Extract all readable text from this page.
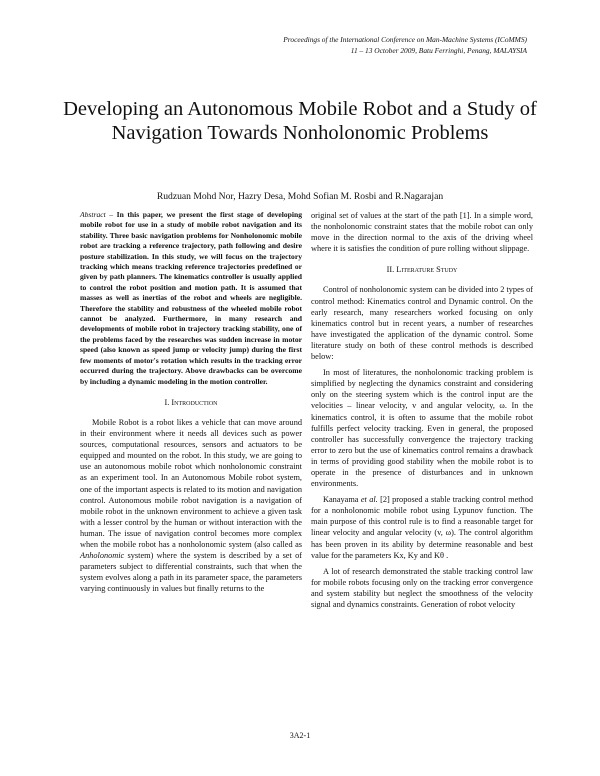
Proceedings of the International Conference on Man-Machine Systems (ICoMMS)
11 – 13 October 2009, Batu Ferringhi, Penang, MALAYSIA
Developing an Autonomous Mobile Robot and a Study of Navigation Towards Nonholonomic Problems
Rudzuan Mohd Nor, Hazry Desa, Mohd Sofian M. Rosbi and R.Nagarajan

Abstract – In this paper, we present the first stage of developing mobile robot for use in a study of mobile robot navigation and its stability. Three basic navigation problems for Nonholonomic mobile robot are tracking a reference trajectory, path following and desire posture stabilization. In this study, we will focus on the trajectory tracking which means tracking reference trajectories predefined or given by path planners. The kinematics controller is usually applied to control the robot position and motion path. It is assumed that masses as well as inertias of the robot and wheels are negligible. Therefore the stability and robustness of the wheeled mobile robot cannot be analyzed. Furthermore, in many research and developments of mobile robot in trajectory tracking stability, one of the problems faced by the researches was sudden increase in motor speed (also known as speed jump or velocity jump) during the first few moments of motor's rotation which results in the tracking error occurred during the trajectory. Above drawbacks can be overcome by including a dynamic modeling in the motion controller.

I. Introduction

Mobile Robot is a robot likes a vehicle that can move around in their environment where it needs all devices such as power sources, computational resources, sensors and actuators to be equipped and mounted on the robot. In this study, we are going to use an autonomous mobile robot which nonholonomic constraint as an experiment tool. In an Autonomous Mobile robot system, one of the important aspects is related to its motion and navigation control. Autonomous mobile robot navigation is a navigation of mobile robot in the unknown environment to achieve a given task with a lesser control by the human or without interaction with the human. The issue of navigation control becomes more complex when the mobile robot has a nonholonomic system (also called as Anholonomic system) where the system is described by a set of parameters subject to differential constraints, such that when the system evolves along a path in its parameter space, the parameters varying continuously in values but finally returns to the

original set of values at the start of the path [1]. In a simple word, the nonholonomic constraint states that the mobile robot can only move in the direction normal to the axis of the driving wheel where it is satisfies the condition of pure rolling without slippage.

II. Literature Study

Control of nonholonomic system can be divided into 2 types of control method: Kinematics control and Dynamic control. On the early research, many researchers worked focusing on only kinematics control but in recent years, a number of researches have investigated the application of the dynamic control. Some literature study on both of these control methods is described below:

In most of literatures, the nonholonomic tracking problem is simplified by neglecting the dynamics constraint and considering only on the steering system which is the control input are the velocities – linear velocity, v and angular velocity, ω. In the kinematics control, it is often to assume that the mobile robot fulfills perfect velocity tracking. Even in general, the proposed controller has successfully convergence the trajectory tracking error to zero but the use of kinematics control remains a drawback in terms of providing good stability when the mobile robot is to operate in the presence of disturbances and in unknown environments.

Kanayama et al. [2] proposed a stable tracking control method for a nonholonomic mobile robot using Lypunov function. The main purpose of this control rule is to find a reasonable target for linear velocity and angular velocity (v, ω). The control algorithm has been proven in its ability by determine reasonable and best value for the parameters Kx, Ky and Kθ .

A lot of research demonstrated the stable tracking control law for mobile robots focusing only on the tracking error convergence and system stability but neglect the smoothness of the velocity signal and dynamics constraints. Generation of robot velocity

3A2-1
